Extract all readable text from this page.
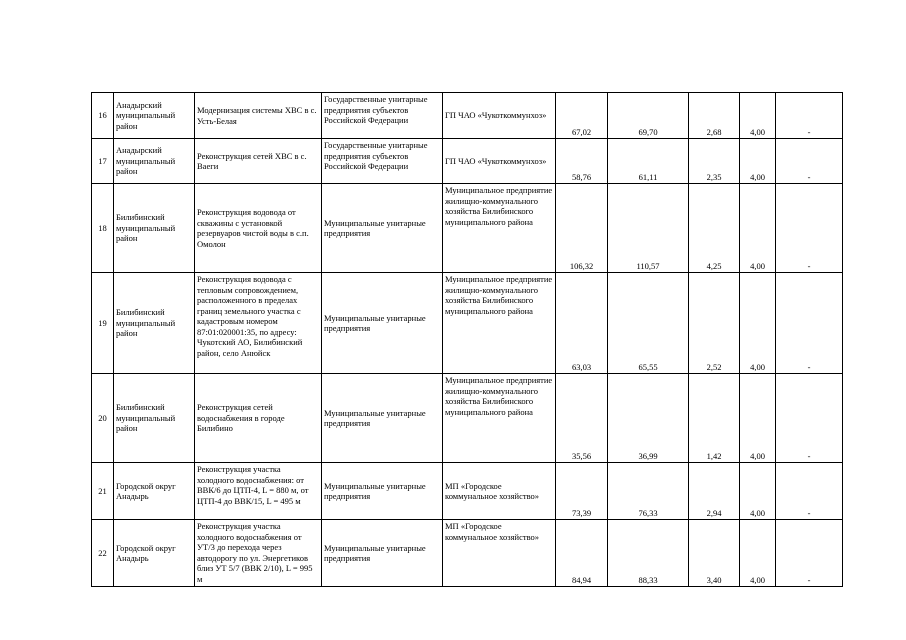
16	Анадырский муниципальный район	Модернизация системы ХВС в с. Усть-Белая	Государственные унитарные предприятия субъектов Российской Федерации	ГП ЧАО «Чукоткоммунхоз»	67,02	69,70	2,68	4,00	-
17	Анадырский муниципальный район	Реконструкция сетей ХВС в с. Ваеги	Государственные унитарные предприятия субъектов Российской Федерации	ГП ЧАО «Чукоткоммунхоз»	58,76	61,11	2,35	4,00	-
18	Билибинский муниципальный район	Реконструкция водовода от скважины с установкой резервуаров чистой воды в с.п. Омолон	Муниципальные унитарные предприятия	Муниципальное предприятие жилищно-коммунального хозяйства Билибинского муниципального района	106,32	110,57	4,25	4,00	-
19	Билибинский муниципальный район	Реконструкция водовода с тепловым сопровождением, расположенного в пределах границ земельного участка с кадастровым номером 87:01:020001:35, по адресу: Чукотский АО, Билибинский район, село Анюйск	Муниципальные унитарные предприятия	Муниципальное предприятие жилищно-коммунального хозяйства Билибинского муниципального района	63,03	65,55	2,52	4,00	-
20	Билибинский муниципальный район	Реконструкция сетей водоснабжения в городе Билибино	Муниципальные унитарные предприятия	Муниципальное предприятие жилищно-коммунального хозяйства Билибинского муниципального района	35,56	36,99	1,42	4,00	-
21	Городской округ Анадырь	Реконструкция участка холодного водоснабжения: от ВВК/6 до ЦТП-4, L = 880 м, от ЦТП-4 до ВВК/15, L = 495 м	Муниципальные унитарные предприятия	МП «Городское коммунальное хозяйство»	73,39	76,33	2,94	4,00	-
22	Городской округ Анадырь	Реконструкция участка холодного водоснабжения от УТ/3 до перехода через автодорогу по ул. Энергетиков близ УТ 5/7 (ВВК 2/10), L = 995 м	Муниципальные унитарные предприятия	МП «Городское коммунальное хозяйство»	84,94	88,33	3,40	4,00	-
